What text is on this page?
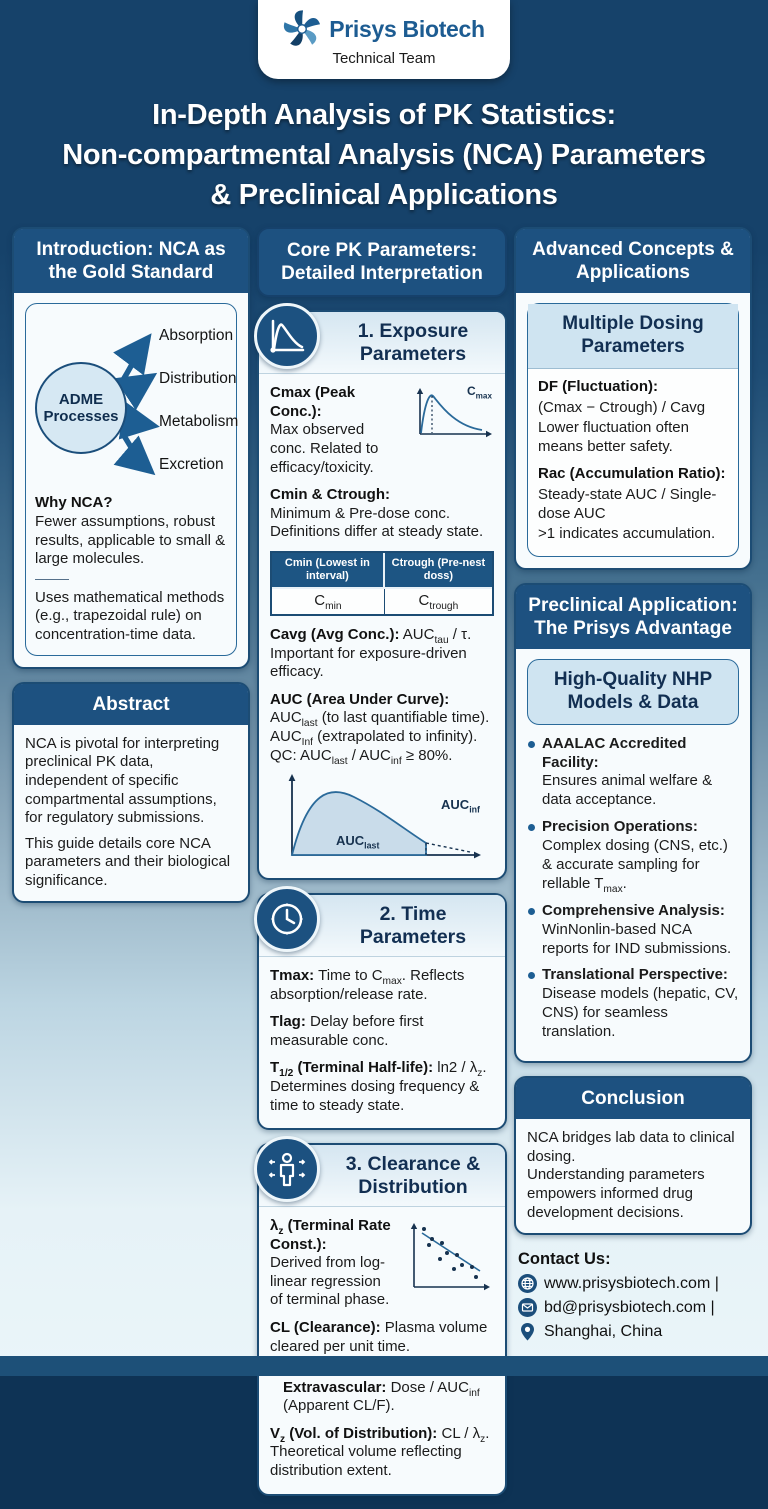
Prisys Biotech
Technical Team
In-Depth Analysis of PK Statistics:
Non-compartmental Analysis (NCA) Parameters
& Preclinical Applications
Introduction: NCA as the Gold Standard
ADME Processes
Absorption
Distribution
Metabolism
Excretion
Why NCA?
Fewer assumptions, robust results, applicable to small & large molecules.
Uses mathematical methods (e.g., trapezoidal rule) on concentration-time data.
Abstract

NCA is pivotal for interpreting preclinical PK data, independent of specific compartmental assumptions, for regulatory submissions.

This guide details core NCA parameters and their biological significance.

Core PK Parameters: Detailed Interpretation
1. Exposure Parameters
$C_{max}$
Cmax (Peak Conc.):
Max observed conc. Related to efficacy/toxicity.
Cmin & Ctrough:
Minimum & Pre-dose conc. Definitions differ at steady state.
Cmin (Lowest in interval)	Ctrough (Pre-nest doss)
$C_{min}$	$C_{trough}$
Cavg (Avg Conc.): $AUC_{tau}$ / τ. Important for exposure-driven efficacy.
AUC (Area Under Curve):
$AUC_{last}$ (to last quantifiable time).
$AUC_{Inf}$ (extrapolated to infinity).
QC: $AUC_{last} / AUC_{inf} \ge 80\%$.
$AUC_{last}$
$AUC_{inf}$
2. Time Parameters
Tmax: Time to $C_{max}$. Reflects absorption/release rate.
Tlag: Delay before first measurable conc.
$T_{1/2}$ (Terminal Half-life): $\ln 2 / \lambda_z$. Determines dosing frequency & time to steady state.
3. Clearance & Distribution
$\lambda_z$ (Terminal Rate Const.):
Derived from log-linear regression of terminal phase.
CL (Clearance): Plasma volume cleared per unit time.
Extravascular: Dose / $AUC_{inf}$ (Apparent CL/F).
$V_z$ (Vol. of Distribution): CL / $\lambda_z$. Theoretical volume reflecting distribution extent.
Advanced Concepts & Applications
Multiple Dosing Parameters
DF (Fluctuation):
(Cmax − Ctrough) / Cavg
Lower fluctuation often means better safety.
Rac (Accumulation Ratio):
Steady-state AUC / Single-dose AUC
>1 indicates accumulation.
Preclinical Application: The Prisys Advantage
High-Quality NHP Models & Data
AAALAC Accredited Facility:
Ensures animal welfare & data acceptance.
Precision Operations:
Complex dosing (CNS, etc.) & accurate sampling for rellable $T_{max}$.
Comprehensive Analysis:
WinNonlin-based NCA reports for IND submissions.
Translational Perspective:
Disease models (hepatic, CV, CNS) for seamless translation.
Conclusion

NCA bridges lab data to clinical dosing.

Understanding parameters empowers informed drug development decisions.

Contact Us:
www.prisysbiotech.com |
bd@prisysbiotech.com |
Shanghai, China
